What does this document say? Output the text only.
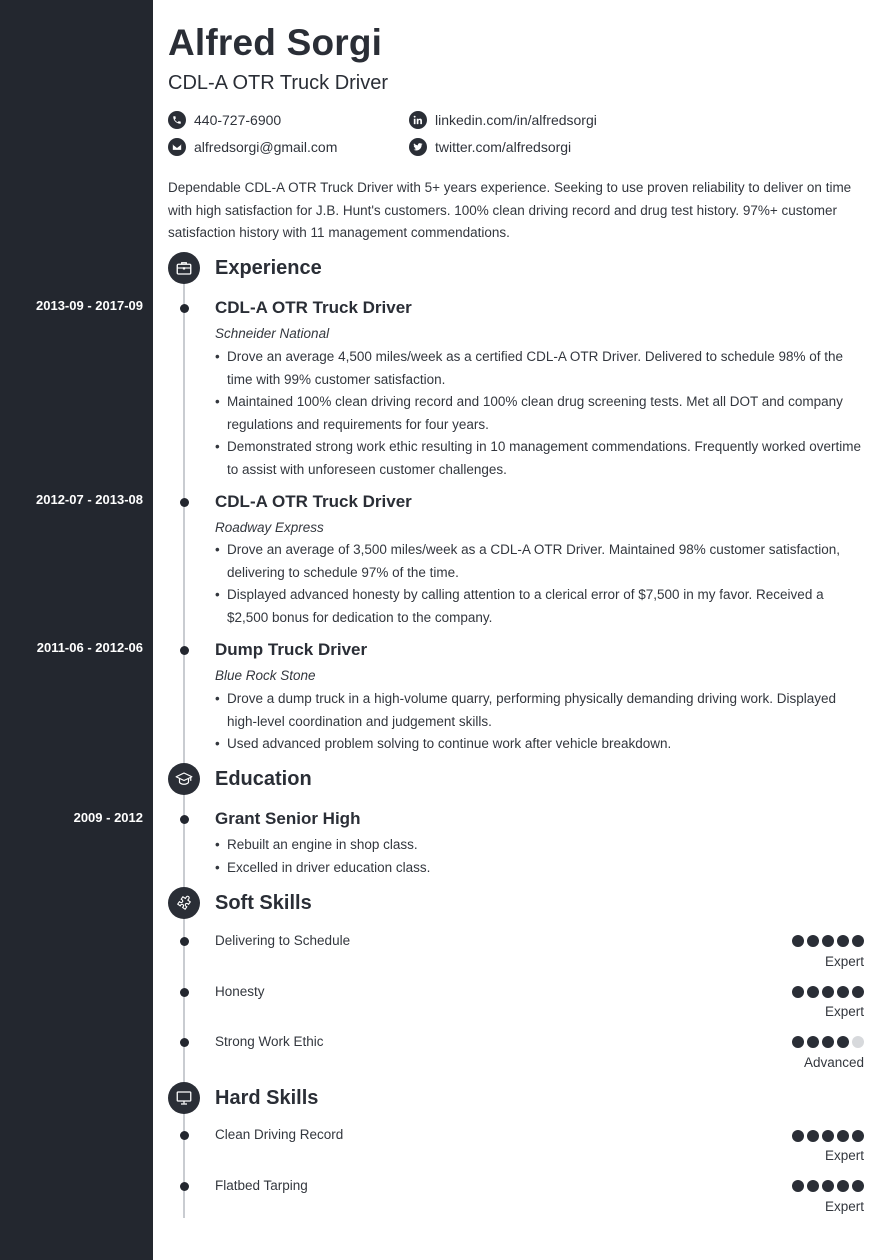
Alfred Sorgi
CDL-A OTR Truck Driver
440-727-6900
alfredsorgi@gmail.com
linkedin.com/in/alfredsorgi
twitter.com/alfredsorgi
Dependable CDL-A OTR Truck Driver with 5+ years experience. Seeking to use proven reliability to deliver on time with high satisfaction for J.B. Hunt's customers. 100% clean driving record and drug test history. 97%+ customer satisfaction history with 11 management commendations.
Experience
2013-09 - 2017-09	CDL-A OTR Truck Driver
Schneider National
• Drove an average 4,500 miles/week as a certified CDL-A OTR Driver. Delivered to schedule 98% of the time with 99% customer satisfaction.
• Maintained 100% clean driving record and 100% clean drug screening tests. Met all DOT and company regulations and requirements for four years.
• Demonstrated strong work ethic resulting in 10 management commendations. Frequently worked overtime to assist with unforeseen customer challenges.
2012-07 - 2013-08	CDL-A OTR Truck Driver
Roadway Express
• Drove an average of 3,500 miles/week as a CDL-A OTR Driver. Maintained 98% customer satisfaction, delivering to schedule 97% of the time.
• Displayed advanced honesty by calling attention to a clerical error of $7,500 in my favor. Received a $2,500 bonus for dedication to the company.
2011-06 - 2012-06	Dump Truck Driver
Blue Rock Stone
• Drove a dump truck in a high-volume quarry, performing physically demanding driving work. Displayed high-level coordination and judgement skills.
• Used advanced problem solving to continue work after vehicle breakdown.
Education
2009 - 2012	Grant Senior High
• Rebuilt an engine in shop class.
• Excelled in driver education class.
Soft Skills
Delivering to Schedule
Expert
Honesty
Expert
Strong Work Ethic
Advanced
Hard Skills
Clean Driving Record
Expert
Flatbed Tarping
Expert
